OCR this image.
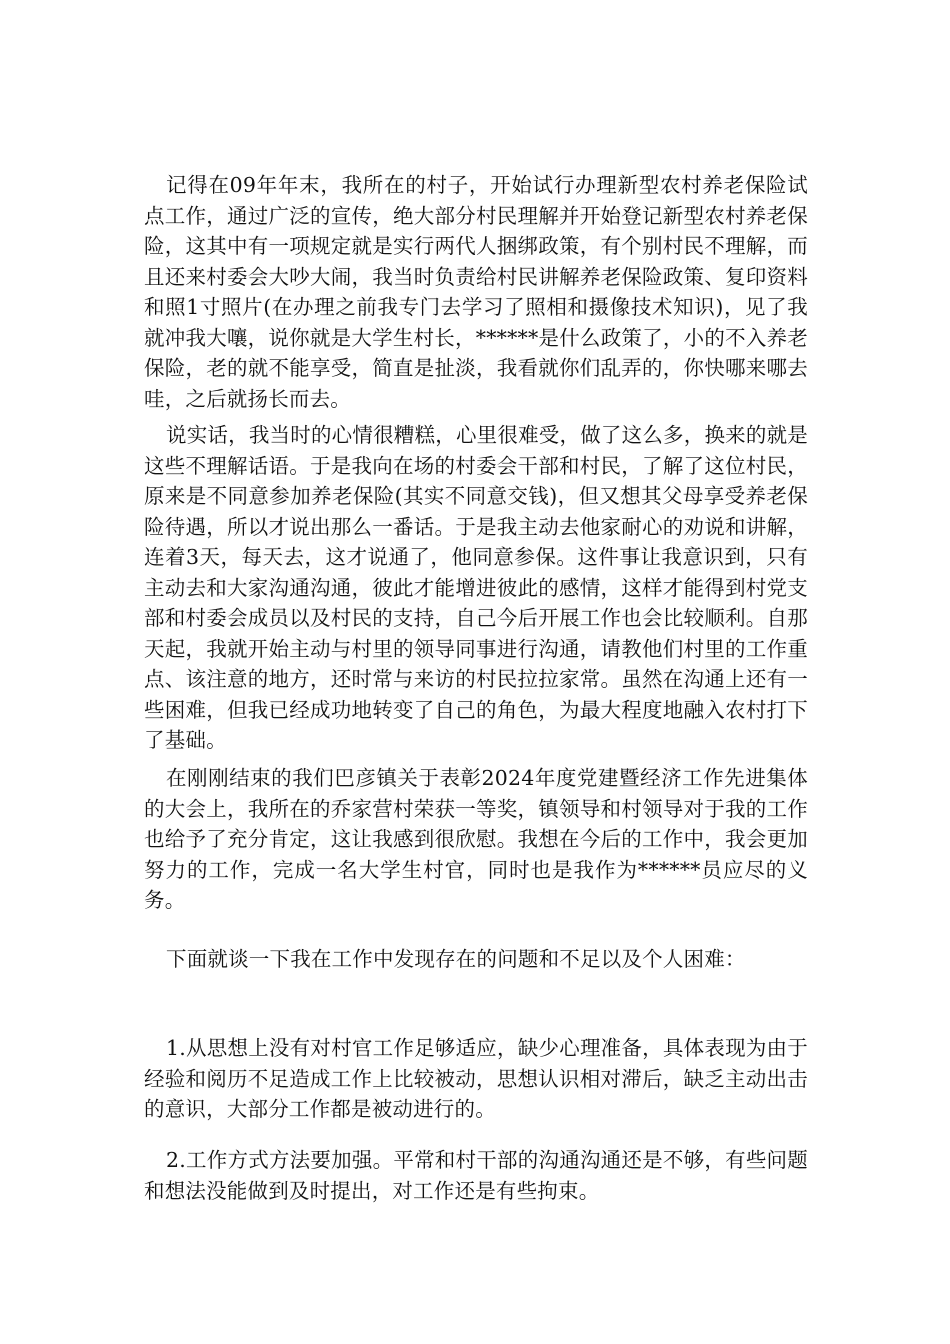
记得在09年年末，我所在的村子，开始试行办理新型农村养老保险试点工作，通过广泛的宣传，绝大部分村民理解并开始登记新型农村养老保险，这其中有一项规定就是实行两代人捆绑政策，有个别村民不理解，而且还来村委会大吵大闹，我当时负责给村民讲解养老保险政策、复印资料和照1寸照片(在办理之前我专门去学习了照相和摄像技术知识)，见了我就冲我大嚷，说你就是大学生村长，******是什么政策了，小的不入养老保险，老的就不能享受，简直是扯淡，我看就你们乱弄的，你快哪来哪去哇，之后就扬长而去。

说实话，我当时的心情很糟糕，心里很难受，做了这么多，换来的就是这些不理解话语。于是我向在场的村委会干部和村民，了解了这位村民，原来是不同意参加养老保险(其实不同意交钱)，但又想其父母享受养老保险待遇，所以才说出那么一番话。于是我主动去他家耐心的劝说和讲解，连着3天，每天去，这才说通了，他同意参保。这件事让我意识到，只有主动去和大家沟通沟通，彼此才能增进彼此的感情，这样才能得到村党支部和村委会成员以及村民的支持，自己今后开展工作也会比较顺利。自那天起，我就开始主动与村里的领导同事进行沟通，请教他们村里的工作重点、该注意的地方，还时常与来访的村民拉拉家常。虽然在沟通上还有一些困难，但我已经成功地转变了自己的角色，为最大程度地融入农村打下了基础。

在刚刚结束的我们巴彦镇关于表彰2024年度党建暨经济工作先进集体的大会上，我所在的乔家营村荣获一等奖，镇领导和村领导对于我的工作也给予了充分肯定，这让我感到很欣慰。我想在今后的工作中，我会更加努力的工作，完成一名大学生村官，同时也是我作为******员应尽的义务。

下面就谈一下我在工作中发现存在的问题和不足以及个人困难：

1.从思想上没有对村官工作足够适应，缺少心理准备，具体表现为由于经验和阅历不足造成工作上比较被动，思想认识相对滞后，缺乏主动出击的意识，大部分工作都是被动进行的。

2.工作方式方法要加强。平常和村干部的沟通沟通还是不够，有些问题和想法没能做到及时提出，对工作还是有些拘束。
